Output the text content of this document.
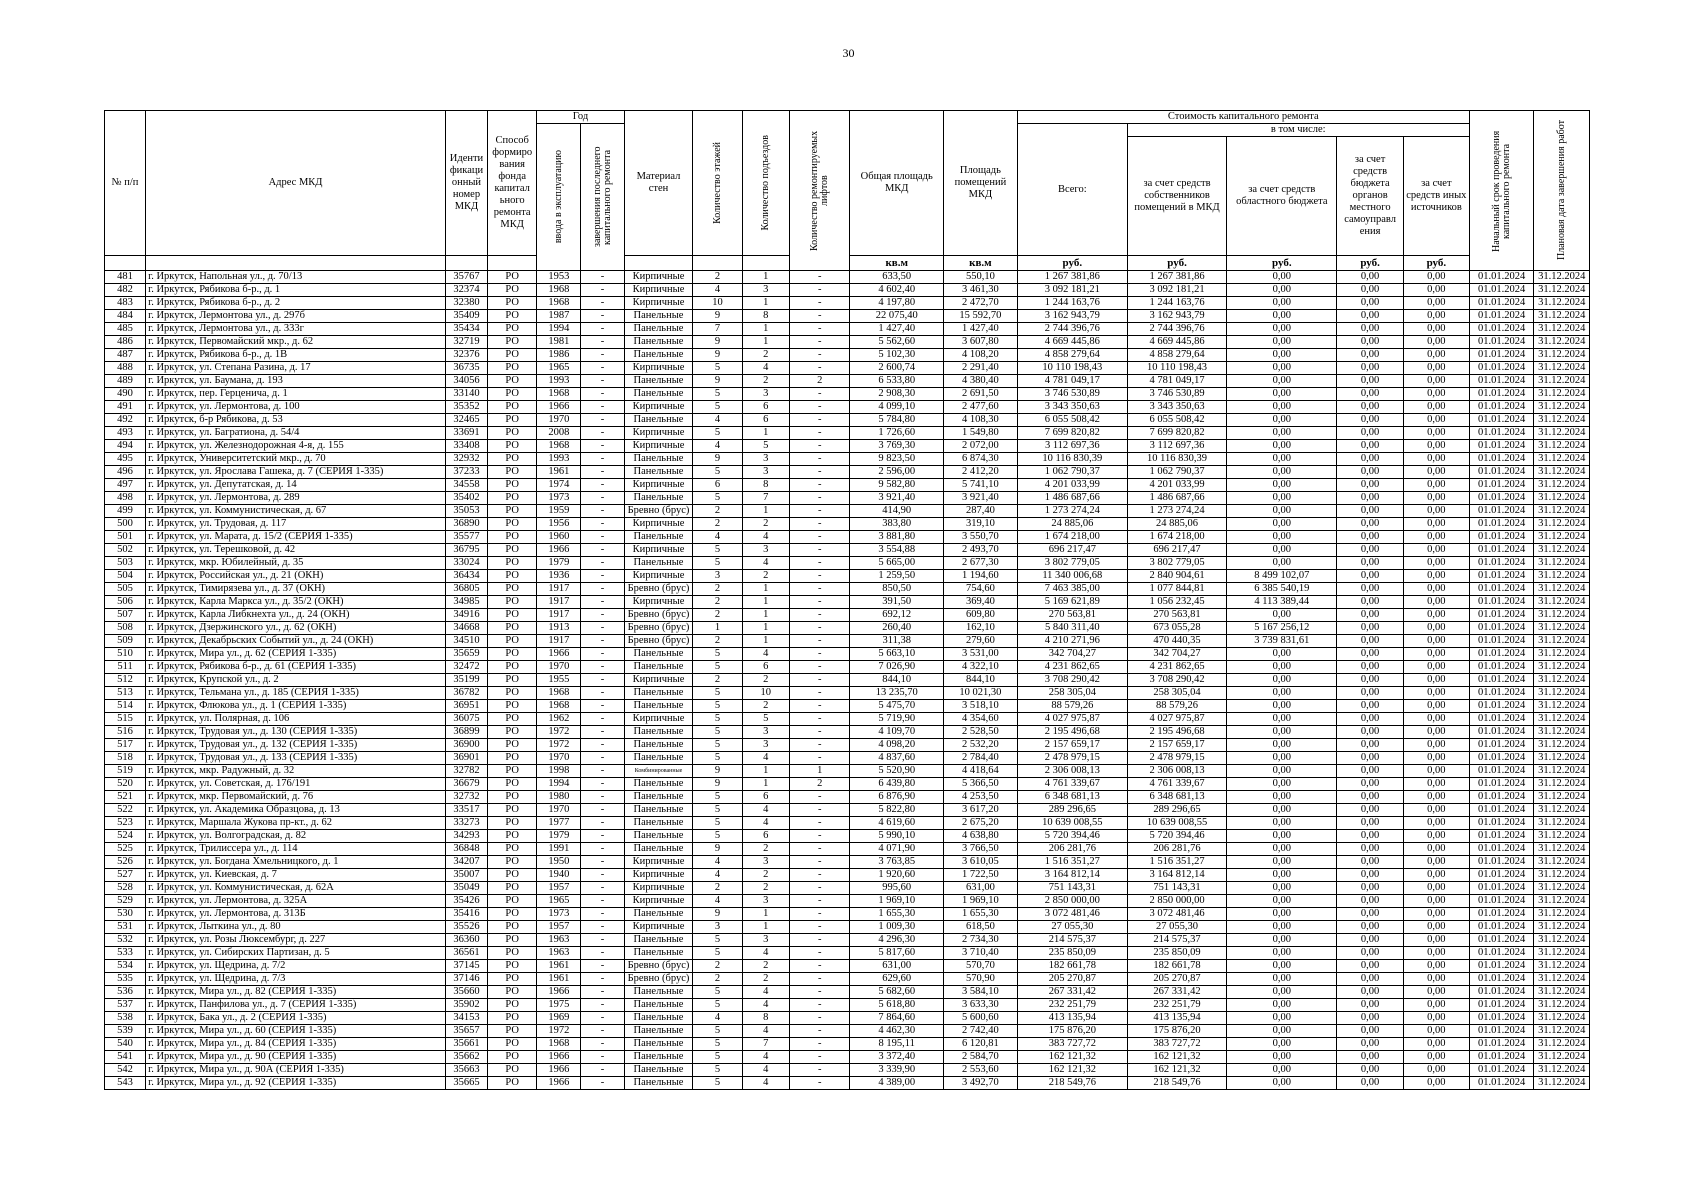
30
№ п/п	Адрес МКД	Иденти фикаци онный номер МКД	Способ формиро вания фонда капитал ьного ремонта МКД	Год		Материал стен	Количество этажей	Количество подъездов	Количество ремонтируемых лифтов	Общая площадь МКД	Площадь помещений МКД	Стоимость капитального ремонта					Начальный срок проведения капитального ремонта	Плановая дата завершения работ

				ввода в эксплуатацию	завершения последнего капитального ремонта							Всего:	в том числе:					
													за счет средств собственников помещений в МКД	за счет средств областного бюджета	за счет средств бюджета органов местного самоуправл ения	за счет средств иных источников		
										кв.м	кв.м	руб.	руб.	руб.	руб.	руб.		
481	г. Иркутск, Напольная ул., д. 70/13	35767	РО	1953	-	Кирпичные	2	1	-	633,50	550,10	1 267 381,86	1 267 381,86	0,00	0,00	0,00	01.01.2024	31.12.2024
482	г. Иркутск, Рябикова б-р., д. 1	32374	РО	1968	-	Кирпичные	4	3	-	4 602,40	3 461,30	3 092 181,21	3 092 181,21	0,00	0,00	0,00	01.01.2024	31.12.2024
483	г. Иркутск, Рябикова б-р., д. 2	32380	РО	1968	-	Кирпичные	10	1	-	4 197,80	2 472,70	1 244 163,76	1 244 163,76	0,00	0,00	0,00	01.01.2024	31.12.2024
484	г. Иркутск, Лермонтова ул., д. 297б	35409	РО	1987	-	Панельные	9	8	-	22 075,40	15 592,70	3 162 943,79	3 162 943,79	0,00	0,00	0,00	01.01.2024	31.12.2024
485	г. Иркутск, Лермонтова ул., д. 333г	35434	РО	1994	-	Панельные	7	1	-	1 427,40	1 427,40	2 744 396,76	2 744 396,76	0,00	0,00	0,00	01.01.2024	31.12.2024
486	г. Иркутск, Первомайский мкр., д. 62	32719	РО	1981	-	Панельные	9	1	-	5 562,60	3 607,80	4 669 445,86	4 669 445,86	0,00	0,00	0,00	01.01.2024	31.12.2024
487	г. Иркутск, Рябикова б-р., д. 1В	32376	РО	1986	-	Панельные	9	2	-	5 102,30	4 108,20	4 858 279,64	4 858 279,64	0,00	0,00	0,00	01.01.2024	31.12.2024
488	г. Иркутск, ул. Степана Разина, д. 17	36735	РО	1965	-	Кирпичные	5	4	-	2 600,74	2 291,40	10 110 198,43	10 110 198,43	0,00	0,00	0,00	01.01.2024	31.12.2024
489	г. Иркутск, ул. Баумана, д. 193	34056	РО	1993	-	Панельные	9	2	2	6 533,80	4 380,40	4 781 049,17	4 781 049,17	0,00	0,00	0,00	01.01.2024	31.12.2024
490	г. Иркутск, пер. Герценича, д. 1	33140	РО	1968	-	Панельные	5	3	-	2 908,30	2 691,50	3 746 530,89	3 746 530,89	0,00	0,00	0,00	01.01.2024	31.12.2024
491	г. Иркутск, ул. Лермонтова, д. 100	35352	РО	1966	-	Кирпичные	5	6	-	4 099,10	2 477,60	3 343 350,63	3 343 350,63	0,00	0,00	0,00	01.01.2024	31.12.2024
492	г. Иркутск, б-р Рябикова, д. 53	32465	РО	1970	-	Панельные	4	6	-	5 784,80	4 108,30	6 055 508,42	6 055 508,42	0,00	0,00	0,00	01.01.2024	31.12.2024
493	г. Иркутск, ул. Багратиона, д. 54/4	33691	РО	2008	-	Кирпичные	5	1	-	1 726,60	1 549,80	7 699 820,82	7 699 820,82	0,00	0,00	0,00	01.01.2024	31.12.2024
494	г. Иркутск, ул. Железнодорожная 4-я, д. 155	33408	РО	1968	-	Кирпичные	4	5	-	3 769,30	2 072,00	3 112 697,36	3 112 697,36	0,00	0,00	0,00	01.01.2024	31.12.2024
495	г. Иркутск, Университетский мкр., д. 70	32932	РО	1993	-	Панельные	9	3	-	9 823,50	6 874,30	10 116 830,39	10 116 830,39	0,00	0,00	0,00	01.01.2024	31.12.2024
496	г. Иркутск, ул. Ярослава Гашека, д. 7 (СЕРИЯ 1-335)	37233	РО	1961	-	Панельные	5	3	-	2 596,00	2 412,20	1 062 790,37	1 062 790,37	0,00	0,00	0,00	01.01.2024	31.12.2024
497	г. Иркутск, ул. Депутатская, д. 14	34558	РО	1974	-	Кирпичные	6	8	-	9 582,80	5 741,10	4 201 033,99	4 201 033,99	0,00	0,00	0,00	01.01.2024	31.12.2024
498	г. Иркутск, ул. Лермонтова, д. 289	35402	РО	1973	-	Панельные	5	7	-	3 921,40	3 921,40	1 486 687,66	1 486 687,66	0,00	0,00	0,00	01.01.2024	31.12.2024
499	г. Иркутск, ул. Коммунистическая, д. 67	35053	РО	1959	-	Бревно (брус)	2	1	-	414,90	287,40	1 273 274,24	1 273 274,24	0,00	0,00	0,00	01.01.2024	31.12.2024
500	г. Иркутск, ул. Трудовая, д. 117	36890	РО	1956	-	Кирпичные	2	2	-	383,80	319,10	24 885,06	24 885,06	0,00	0,00	0,00	01.01.2024	31.12.2024
501	г. Иркутск, ул. Марата, д. 15/2 (СЕРИЯ 1-335)	35577	РО	1960	-	Панельные	4	4	-	3 881,80	3 550,70	1 674 218,00	1 674 218,00	0,00	0,00	0,00	01.01.2024	31.12.2024
502	г. Иркутск, ул. Терешковой, д. 42	36795	РО	1966	-	Кирпичные	5	3	-	3 554,88	2 493,70	696 217,47	696 217,47	0,00	0,00	0,00	01.01.2024	31.12.2024
503	г. Иркутск, мкр. Юбилейный, д. 35	33024	РО	1979	-	Панельные	5	4	-	5 665,00	2 677,30	3 802 779,05	3 802 779,05	0,00	0,00	0,00	01.01.2024	31.12.2024
504	г. Иркутск, Российская ул., д. 21 (ОКН)	36434	РО	1936	-	Кирпичные	3	2	-	1 259,50	1 194,60	11 340 006,68	2 840 904,61	8 499 102,07	0,00	0,00	01.01.2024	31.12.2024
505	г. Иркутск, Тимирязева ул., д. 37 (ОКН)	36805	РО	1917	-	Бревно (брус)	2	1	-	850,50	754,60	7 463 385,00	1 077 844,81	6 385 540,19	0,00	0,00	01.01.2024	31.12.2024
506	г. Иркутск, Карла Маркса ул., д. 35/2 (ОКН)	34985	РО	1917	-	Кирпичные	2	1	-	391,50	369,40	5 169 621,89	1 056 232,45	4 113 389,44	0,00	0,00	01.01.2024	31.12.2024
507	г. Иркутск, Карла Либкнехта ул., д. 24 (ОКН)	34916	РО	1917	-	Бревно (брус)	2	1	-	692,12	609,80	270 563,81	270 563,81	0,00	0,00	0,00	01.01.2024	31.12.2024
508	г. Иркутск, Дзержинского ул., д. 62 (ОКН)	34668	РО	1913	-	Бревно (брус)	1	1	-	260,40	162,10	5 840 311,40	673 055,28	5 167 256,12	0,00	0,00	01.01.2024	31.12.2024
509	г. Иркутск, Декабрьских Событий ул., д. 24 (ОКН)	34510	РО	1917	-	Бревно (брус)	2	1	-	311,38	279,60	4 210 271,96	470 440,35	3 739 831,61	0,00	0,00	01.01.2024	31.12.2024
510	г. Иркутск, Мира ул., д. 62 (СЕРИЯ 1-335)	35659	РО	1966	-	Панельные	5	4	-	5 663,10	3 531,00	342 704,27	342 704,27	0,00	0,00	0,00	01.01.2024	31.12.2024
511	г. Иркутск, Рябикова б-р., д. 61 (СЕРИЯ 1-335)	32472	РО	1970	-	Панельные	5	6	-	7 026,90	4 322,10	4 231 862,65	4 231 862,65	0,00	0,00	0,00	01.01.2024	31.12.2024
512	г. Иркутск, Крупской ул., д. 2	35199	РО	1955	-	Кирпичные	2	2	-	844,10	844,10	3 708 290,42	3 708 290,42	0,00	0,00	0,00	01.01.2024	31.12.2024
513	г. Иркутск, Тельмана ул., д. 185 (СЕРИЯ 1-335)	36782	РО	1968	-	Панельные	5	10	-	13 235,70	10 021,30	258 305,04	258 305,04	0,00	0,00	0,00	01.01.2024	31.12.2024
514	г. Иркутск, Флюкова ул., д. 1 (СЕРИЯ 1-335)	36951	РО	1968	-	Панельные	5	2	-	5 475,70	3 518,10	88 579,26	88 579,26	0,00	0,00	0,00	01.01.2024	31.12.2024
515	г. Иркутск, ул. Полярная, д. 106	36075	РО	1962	-	Кирпичные	5	5	-	5 719,90	4 354,60	4 027 975,87	4 027 975,87	0,00	0,00	0,00	01.01.2024	31.12.2024
516	г. Иркутск, Трудовая ул., д. 130 (СЕРИЯ 1-335)	36899	РО	1972	-	Панельные	5	3	-	4 109,70	2 528,50	2 195 496,68	2 195 496,68	0,00	0,00	0,00	01.01.2024	31.12.2024
517	г. Иркутск, Трудовая ул., д. 132 (СЕРИЯ 1-335)	36900	РО	1972	-	Панельные	5	3	-	4 098,20	2 532,20	2 157 659,17	2 157 659,17	0,00	0,00	0,00	01.01.2024	31.12.2024
518	г. Иркутск, Трудовая ул., д. 133 (СЕРИЯ 1-335)	36901	РО	1970	-	Панельные	5	4	-	4 837,60	2 784,40	2 478 979,15	2 478 979,15	0,00	0,00	0,00	01.01.2024	31.12.2024
519	г. Иркутск, мкр. Радужный, д. 32	32782	РО	1998	-	Комбинированные	9	1	1	5 520,90	4 418,64	2 306 008,13	2 306 008,13	0,00	0,00	0,00	01.01.2024	31.12.2024
520	г. Иркутск, ул. Советская, д. 176/191	36679	РО	1994	-	Панельные	9	1	2	6 439,80	5 366,50	4 761 339,67	4 761 339,67	0,00	0,00	0,00	01.01.2024	31.12.2024
521	г. Иркутск, мкр. Первомайский, д. 76	32732	РО	1980	-	Панельные	5	6	-	6 876,90	4 253,50	6 348 681,13	6 348 681,13	0,00	0,00	0,00	01.01.2024	31.12.2024
522	г. Иркутск, ул. Академика Образцова, д. 13	33517	РО	1970	-	Панельные	5	4	-	5 822,80	3 617,20	289 296,65	289 296,65	0,00	0,00	0,00	01.01.2024	31.12.2024
523	г. Иркутск, Маршала Жукова пр-кт., д. 62	33273	РО	1977	-	Панельные	5	4	-	4 619,60	2 675,20	10 639 008,55	10 639 008,55	0,00	0,00	0,00	01.01.2024	31.12.2024
524	г. Иркутск, ул. Волгоградская, д. 82	34293	РО	1979	-	Панельные	5	6	-	5 990,10	4 638,80	5 720 394,46	5 720 394,46	0,00	0,00	0,00	01.01.2024	31.12.2024
525	г. Иркутск, Трилиссера ул., д. 114	36848	РО	1991	-	Панельные	9	2	-	4 071,90	3 766,50	206 281,76	206 281,76	0,00	0,00	0,00	01.01.2024	31.12.2024
526	г. Иркутск, ул. Богдана Хмельницкого, д. 1	34207	РО	1950	-	Кирпичные	4	3	-	3 763,85	3 610,05	1 516 351,27	1 516 351,27	0,00	0,00	0,00	01.01.2024	31.12.2024
527	г. Иркутск, ул. Киевская, д. 7	35007	РО	1940	-	Кирпичные	4	2	-	1 920,60	1 722,50	3 164 812,14	3 164 812,14	0,00	0,00	0,00	01.01.2024	31.12.2024
528	г. Иркутск, ул. Коммунистическая, д. 62А	35049	РО	1957	-	Кирпичные	2	2	-	995,60	631,00	751 143,31	751 143,31	0,00	0,00	0,00	01.01.2024	31.12.2024
529	г. Иркутск, ул. Лермонтова, д. 325А	35426	РО	1965	-	Кирпичные	4	3	-	1 969,10	1 969,10	2 850 000,00	2 850 000,00	0,00	0,00	0,00	01.01.2024	31.12.2024
530	г. Иркутск, ул. Лермонтова, д. 313Б	35416	РО	1973	-	Панельные	9	1	-	1 655,30	1 655,30	3 072 481,46	3 072 481,46	0,00	0,00	0,00	01.01.2024	31.12.2024
531	г. Иркутск, Лыткина ул., д. 80	35526	РО	1957	-	Кирпичные	3	1	-	1 009,30	618,50	27 055,30	27 055,30	0,00	0,00	0,00	01.01.2024	31.12.2024
532	г. Иркутск, ул. Розы Люксембург, д. 227	36360	РО	1963	-	Панельные	5	3	-	4 296,30	2 734,30	214 575,37	214 575,37	0,00	0,00	0,00	01.01.2024	31.12.2024
533	г. Иркутск, ул. Сибирских Партизан, д. 5	36561	РО	1963	-	Панельные	5	4	-	5 817,60	3 710,40	235 850,09	235 850,09	0,00	0,00	0,00	01.01.2024	31.12.2024
534	г. Иркутск, ул. Щедрина, д. 7/2	37145	РО	1961	-	Бревно (брус)	2	2	-	631,00	570,70	182 661,78	182 661,78	0,00	0,00	0,00	01.01.2024	31.12.2024
535	г. Иркутск, ул. Щедрина, д. 7/3	37146	РО	1961	-	Бревно (брус)	2	2	-	629,60	570,90	205 270,87	205 270,87	0,00	0,00	0,00	01.01.2024	31.12.2024
536	г. Иркутск, Мира ул., д. 82 (СЕРИЯ 1-335)	35660	РО	1966	-	Панельные	5	4	-	5 682,60	3 584,10	267 331,42	267 331,42	0,00	0,00	0,00	01.01.2024	31.12.2024
537	г. Иркутск, Панфилова ул., д. 7 (СЕРИЯ 1-335)	35902	РО	1975	-	Панельные	5	4	-	5 618,80	3 633,30	232 251,79	232 251,79	0,00	0,00	0,00	01.01.2024	31.12.2024
538	г. Иркутск, Бака ул., д. 2 (СЕРИЯ 1-335)	34153	РО	1969	-	Панельные	4	8	-	7 864,60	5 600,60	413 135,94	413 135,94	0,00	0,00	0,00	01.01.2024	31.12.2024
539	г. Иркутск, Мира ул., д. 60 (СЕРИЯ 1-335)	35657	РО	1972	-	Панельные	5	4	-	4 462,30	2 742,40	175 876,20	175 876,20	0,00	0,00	0,00	01.01.2024	31.12.2024
540	г. Иркутск, Мира ул., д. 84 (СЕРИЯ 1-335)	35661	РО	1968	-	Панельные	5	7	-	8 195,11	6 120,81	383 727,72	383 727,72	0,00	0,00	0,00	01.01.2024	31.12.2024
541	г. Иркутск, Мира ул., д. 90 (СЕРИЯ 1-335)	35662	РО	1966	-	Панельные	5	4	-	3 372,40	2 584,70	162 121,32	162 121,32	0,00	0,00	0,00	01.01.2024	31.12.2024
542	г. Иркутск, Мира ул., д. 90А (СЕРИЯ 1-335)	35663	РО	1966	-	Панельные	5	4	-	3 339,90	2 553,60	162 121,32	162 121,32	0,00	0,00	0,00	01.01.2024	31.12.2024
543	г. Иркутск, Мира ул., д. 92 (СЕРИЯ 1-335)	35665	РО	1966	-	Панельные	5	4	-	4 389,00	3 492,70	218 549,76	218 549,76	0,00	0,00	0,00	01.01.2024	31.12.2024
